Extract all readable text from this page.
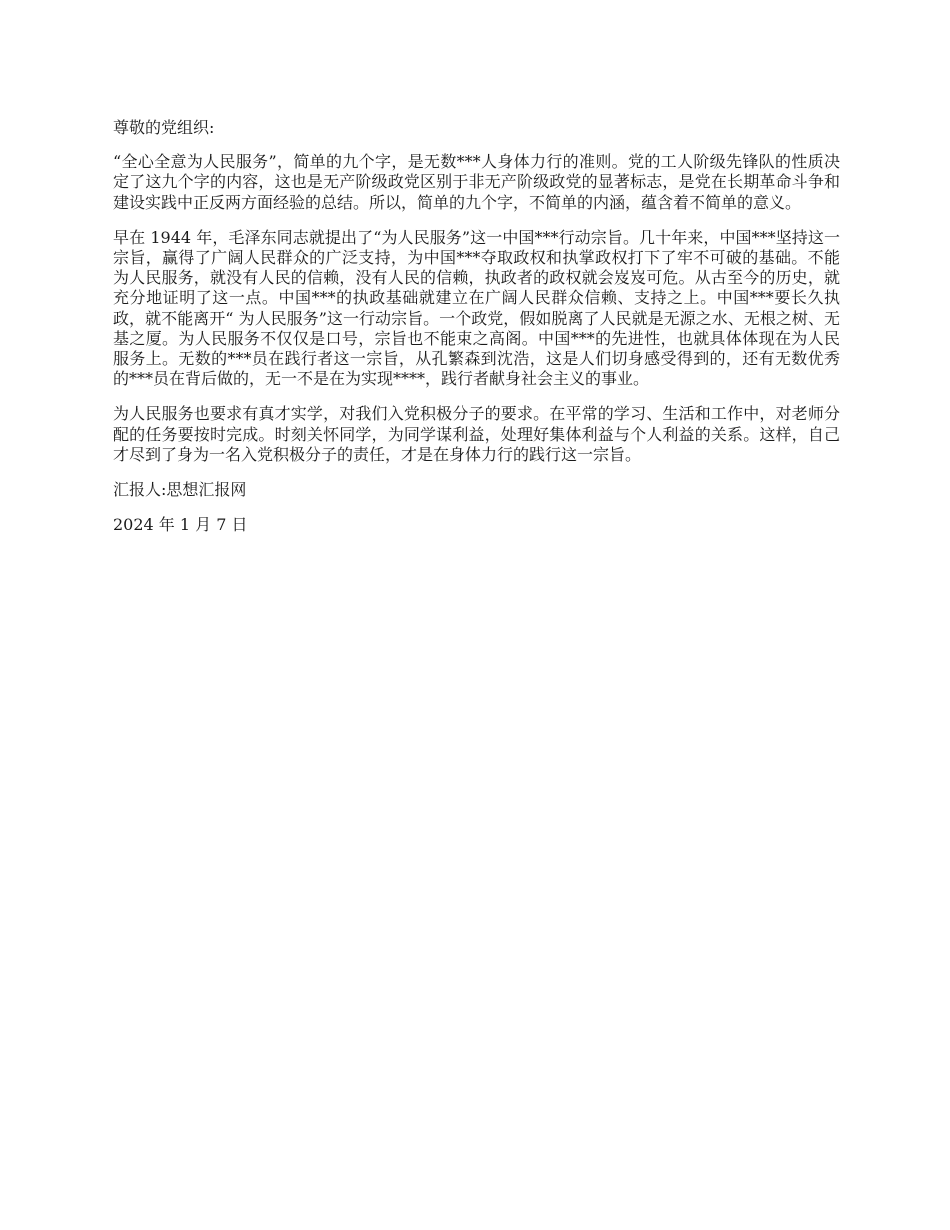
尊敬的党组织:

“全心全意为人民服务”，简单的九个字，是无数***人身体力行的准则。党的工人阶级先锋队的性质决定了这九个字的内容，这也是无产阶级政党区别于非无产阶级政党的显著标志，是党在长期革命斗争和建设实践中正反两方面经验的总结。所以，简单的九个字，不简单的内涵，蕴含着不简单的意义。

早在 1944 年，毛泽东同志就提出了“为人民服务”这一中国***行动宗旨。几十年来，中国***坚持这一宗旨，赢得了广阔人民群众的广泛支持，为中国***夺取政权和执掌政权打下了牢不可破的基础。不能为人民服务，就没有人民的信赖，没有人民的信赖，执政者的政权就会岌岌可危。从古至今的历史，就充分地证明了这一点。中国***的执政基础就建立在广阔人民群众信赖、支持之上。中国***要长久执政，就不能离开“ 为人民服务”这一行动宗旨。一个政党，假如脱离了人民就是无源之水、无根之树、无基之厦。为人民服务不仅仅是口号，宗旨也不能束之高阁。中国***的先进性，也就具体体现在为人民服务上。无数的***员在践行者这一宗旨，从孔繁森到沈浩，这是人们切身感受得到的，还有无数优秀的***员在背后做的，无一不是在为实现****，践行者献身社会主义的事业。

为人民服务也要求有真才实学，对我们入党积极分子的要求。在平常的学习、生活和工作中，对老师分配的任务要按时完成。时刻关怀同学，为同学谋利益，处理好集体利益与个人利益的关系。这样，自己才尽到了身为一名入党积极分子的责任，才是在身体力行的践行这一宗旨。

汇报人:思想汇报网

2024 年 1 月 7 日
